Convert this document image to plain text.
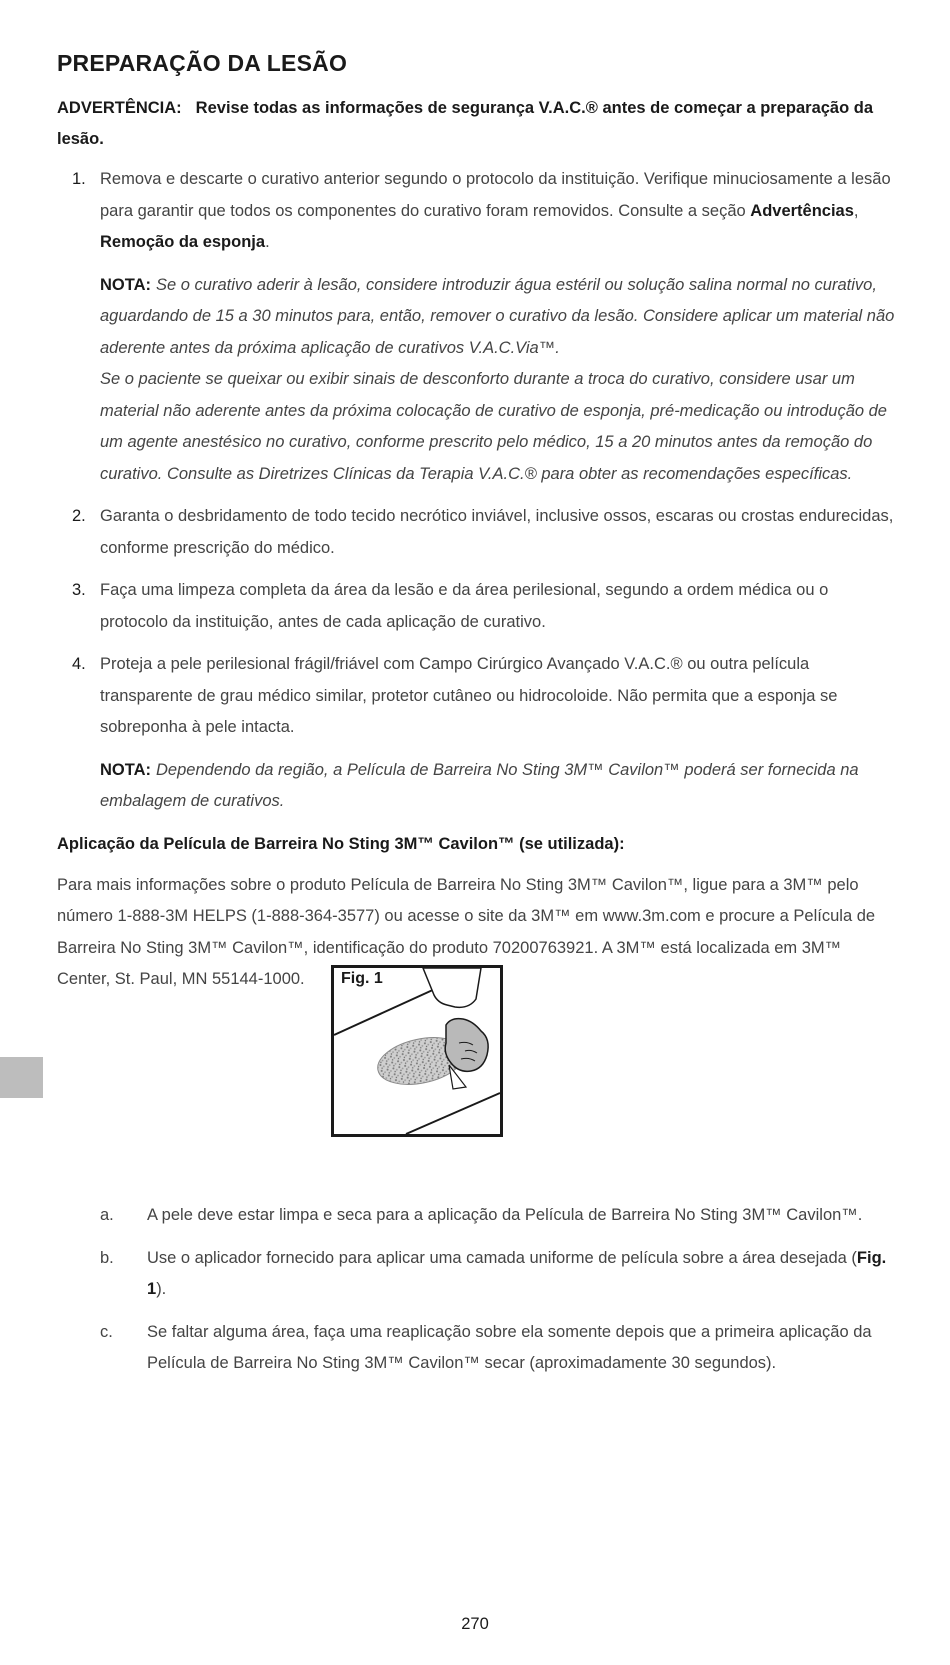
PREPARAÇÃO DA LESÃO

ADVERTÊNCIA: Revise todas as informações de segurança V.A.C.® antes de começar a preparação da lesão.

1. Remova e descarte o curativo anterior segundo o protocolo da instituição. Verifique minuciosamente a lesão para garantir que todos os componentes do curativo foram removidos. Consulte a seção Advertências, Remoção da esponja.
NOTA: Se o curativo aderir à lesão, considere introduzir água estéril ou solução salina normal no curativo, aguardando de 15 a 30 minutos para, então, remover o curativo da lesão. Considere aplicar um material não aderente antes da próxima aplicação de curativos V.A.C.Via™.
Se o paciente se queixar ou exibir sinais de desconforto durante a troca do curativo, considere usar um material não aderente antes da próxima colocação de curativo de esponja, pré-medicação ou introdução de um agente anestésico no curativo, conforme prescrito pelo médico, 15 a 20 minutos antes da remoção do curativo. Consulte as Diretrizes Clínicas da Terapia V.A.C.® para obter as recomendações específicas.
2. Garanta o desbridamento de todo tecido necrótico inviável, inclusive ossos, escaras ou crostas endurecidas, conforme prescrição do médico.
3. Faça uma limpeza completa da área da lesão e da área perilesional, segundo a ordem médica ou o protocolo da instituição, antes de cada aplicação de curativo.
4. Proteja a pele perilesional frágil/friável com Campo Cirúrgico Avançado V.A.C.® ou outra película transparente de grau médico similar, protetor cutâneo ou hidrocoloide. Não permita que a esponja se sobreponha à pele intacta.
NOTA: Dependendo da região, a Película de Barreira No Sting 3M™ Cavilon™ poderá ser fornecida na embalagem de curativos.
Aplicação da Película de Barreira No Sting 3M™ Cavilon™ (se utilizada):

Para mais informações sobre o produto Película de Barreira No Sting 3M™ Cavilon™, ligue para a 3M™ pelo número 1-888-3M HELPS (1-888-364-3577) ou acesse o site da 3M™ em www.3m.com e procure a Película de Barreira No Sting 3M™ Cavilon™, identificação do produto 70200763921. A 3M™ está localizada em 3M™ Center, St. Paul, MN 55144-1000.	Fig. 1
a. A pele deve estar limpa e seca para a aplicação da Película de Barreira No Sting 3M™ Cavilon™.
b. Use o aplicador fornecido para aplicar uma camada uniforme de película sobre a área desejada (Fig. 1).
c. Se faltar alguma área, faça uma reaplicação sobre ela somente depois que a primeira aplicação da Película de Barreira No Sting 3M™ Cavilon™ secar (aproximadamente 30 segundos).
270
